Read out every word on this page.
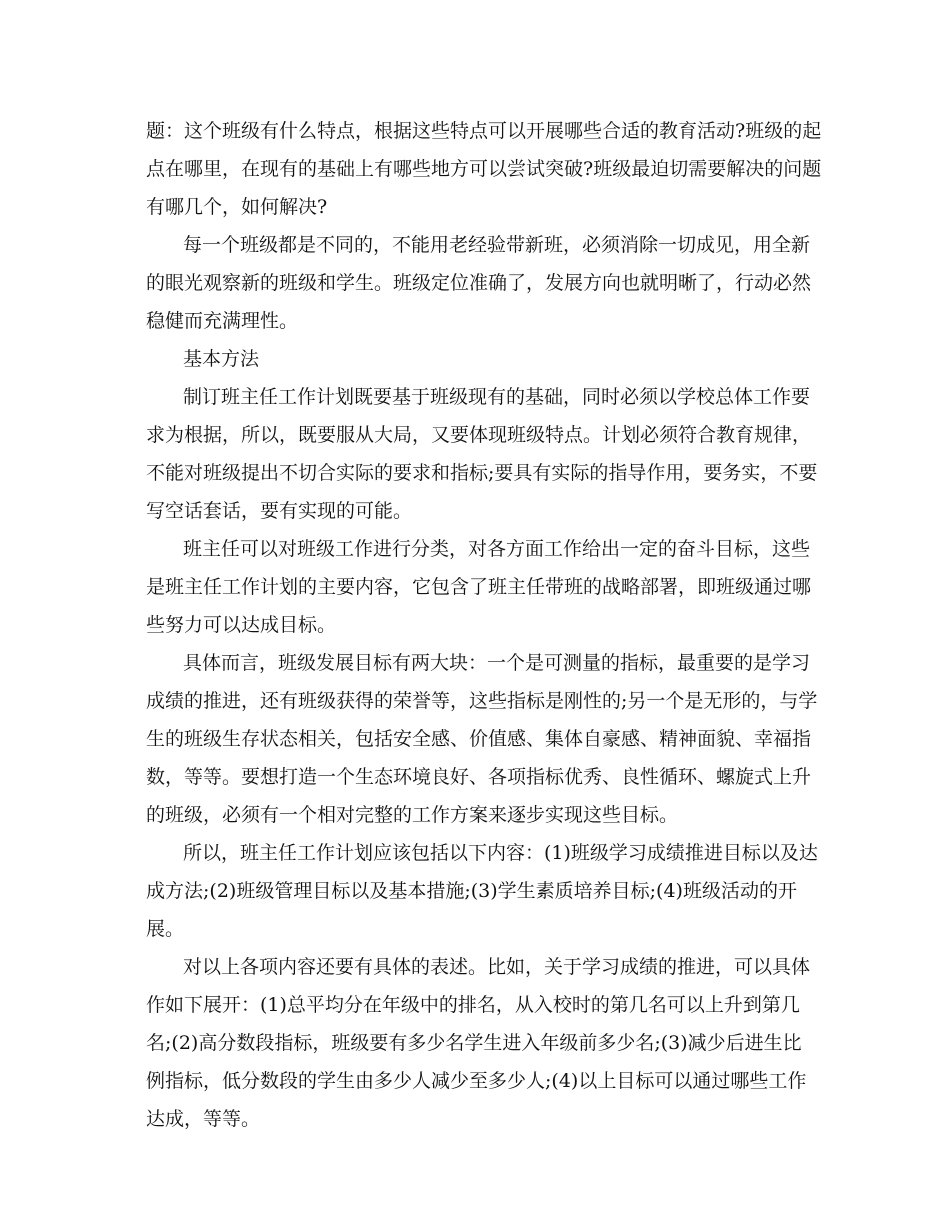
题：这个班级有什么特点，根据这些特点可以开展哪些合适的教育活动?班级的起
点在哪里，在现有的基础上有哪些地方可以尝试突破?班级最迫切需要解决的问题
有哪几个，如何解决?
每一个班级都是不同的，不能用老经验带新班，必须消除一切成见，用全新
的眼光观察新的班级和学生。班级定位准确了，发展方向也就明晰了，行动必然
稳健而充满理性。
基本方法
制订班主任工作计划既要基于班级现有的基础，同时必须以学校总体工作要
求为根据，所以，既要服从大局，又要体现班级特点。计划必须符合教育规律，
不能对班级提出不切合实际的要求和指标;要具有实际的指导作用，要务实，不要
写空话套话，要有实现的可能。
班主任可以对班级工作进行分类，对各方面工作给出一定的奋斗目标，这些
是班主任工作计划的主要内容，它包含了班主任带班的战略部署，即班级通过哪
些努力可以达成目标。
具体而言，班级发展目标有两大块：一个是可测量的指标，最重要的是学习
成绩的推进，还有班级获得的荣誉等，这些指标是刚性的;另一个是无形的，与学
生的班级生存状态相关，包括安全感、价值感、集体自豪感、精神面貌、幸福指
数，等等。要想打造一个生态环境良好、各项指标优秀、良性循环、螺旋式上升
的班级，必须有一个相对完整的工作方案来逐步实现这些目标。
所以，班主任工作计划应该包括以下内容：(1)班级学习成绩推进目标以及达
成方法;(2)班级管理目标以及基本措施;(3)学生素质培养目标;(4)班级活动的开
展。
对以上各项内容还要有具体的表述。比如，关于学习成绩的推进，可以具体
作如下展开：(1)总平均分在年级中的排名，从入校时的第几名可以上升到第几
名;(2)高分数段指标，班级要有多少名学生进入年级前多少名;(3)减少后进生比
例指标，低分数段的学生由多少人减少至多少人;(4)以上目标可以通过哪些工作
达成，等等。
